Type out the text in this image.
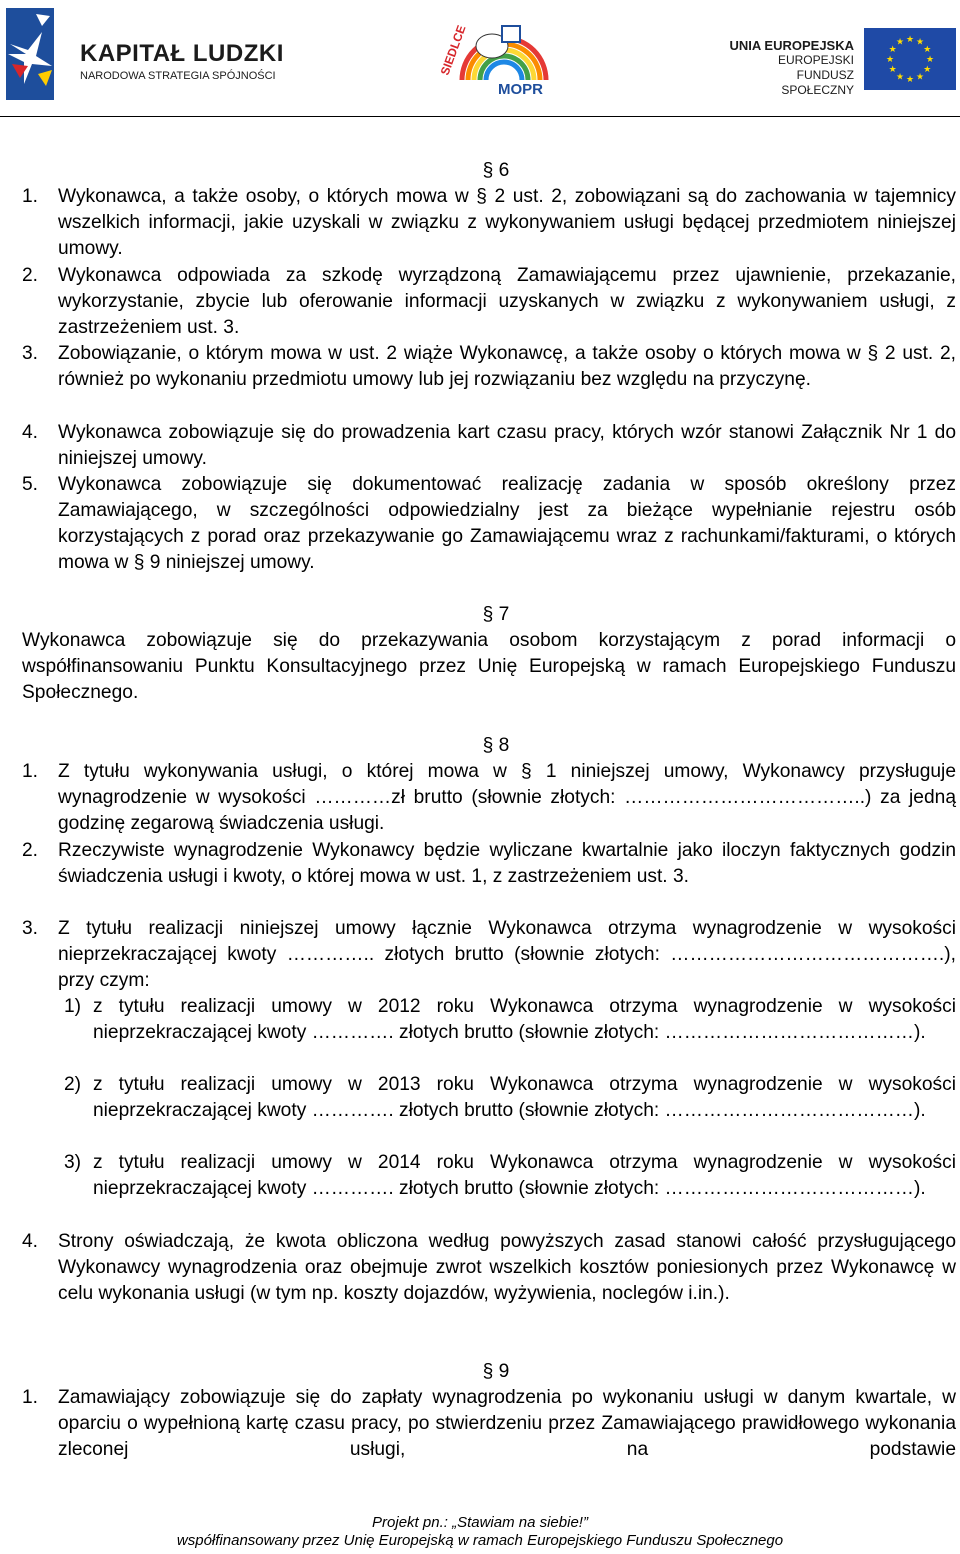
KAPITAŁ LUDZKI
NARODOWA STRATEGIA SPÓJNOŚCI	SIEDLCE
MOPR
UNIA EUROPEJSKA
EUROPEJSKI
FUNDUSZ SPOŁECZNY
★ ★
★
★
★
★
★
★
★
★
★
★
§ 6
1. Wykonawca, a także osoby, o których mowa w § 2 ust. 2, zobowiązani są do zachowania w tajemnicy wszelkich informacji, jakie uzyskali w związku z wykonywaniem usługi będącej przedmiotem niniejszej umowy.
2. Wykonawca odpowiada za szkodę wyrządzoną Zamawiającemu przez ujawnienie, przekazanie, wykorzystanie, zbycie lub oferowanie informacji uzyskanych w związku z wykonywaniem usługi, z zastrzeżeniem ust. 3.
3. Zobowiązanie, o którym mowa w ust. 2 wiąże Wykonawcę, a także osoby o których mowa w § 2 ust. 2, również po wykonaniu przedmiotu umowy lub jej rozwiązaniu bez względu na przyczynę.
4. Wykonawca zobowiązuje się do prowadzenia kart czasu pracy, których wzór stanowi Załącznik Nr 1 do niniejszej umowy.
5. Wykonawca zobowiązuje się dokumentować realizację zadania w sposób określony przez Zamawiającego, w szczególności odpowiedzialny jest za bieżące wypełnianie rejestru osób korzystających z porad oraz przekazywanie go Zamawiającemu wraz z rachunkami/fakturami, o których mowa w § 9 niniejszej umowy.
§ 7
Wykonawca zobowiązuje się do przekazywania osobom korzystającym z porad informacji o współfinansowaniu Punktu Konsultacyjnego przez Unię Europejską w ramach Europejskiego Funduszu Społecznego.
§ 8
1. Z tytułu wykonywania usługi, o której mowa w § 1 niniejszej umowy, Wykonawcy przysługuje wynagrodzenie w wysokości …………zł brutto (słownie złotych: ………………………………..) za jedną godzinę zegarową świadczenia usługi.
2. Rzeczywiste wynagrodzenie Wykonawcy będzie wyliczane kwartalnie jako iloczyn faktycznych godzin świadczenia usługi i kwoty, o której mowa w ust. 1, z zastrzeżeniem ust. 3.
3. Z tytułu realizacji niniejszej umowy łącznie Wykonawca otrzyma wynagrodzenie w wysokości nieprzekraczającej kwoty ………….. złotych brutto (słownie złotych: …………………………………….), przy czym:
1) z tytułu realizacji umowy w 2012 roku Wykonawca otrzyma wynagrodzenie w wysokości nieprzekraczającej kwoty …………. złotych brutto (słownie złotych: …………………………………).
2) z tytułu realizacji umowy w 2013 roku Wykonawca otrzyma wynagrodzenie w wysokości nieprzekraczającej kwoty …………. złotych brutto (słownie złotych: …………………………………).
3) z tytułu realizacji umowy w 2014 roku Wykonawca otrzyma wynagrodzenie w wysokości nieprzekraczającej kwoty …………. złotych brutto (słownie złotych: …………………………………).
4. Strony oświadczają, że kwota obliczona według powyższych zasad stanowi całość przysługującego Wykonawcy wynagrodzenia oraz obejmuje zwrot wszelkich kosztów poniesionych przez Wykonawcę w celu wykonania usługi (w tym np. koszty dojazdów, wyżywienia, noclegów i.in.).
§ 9
1. Zamawiający zobowiązuje się do zapłaty wynagrodzenia po wykonaniu usługi w danym kwartale, w oparciu o wypełnioną kartę czasu pracy, po stwierdzeniu przez Zamawiającego prawidłowego wykonania zleconej usługi, na podstawie
Projekt pn.: „Stawiam na siebie!”
współfinansowany przez Unię Europejską w ramach Europejskiego Funduszu Społecznego
